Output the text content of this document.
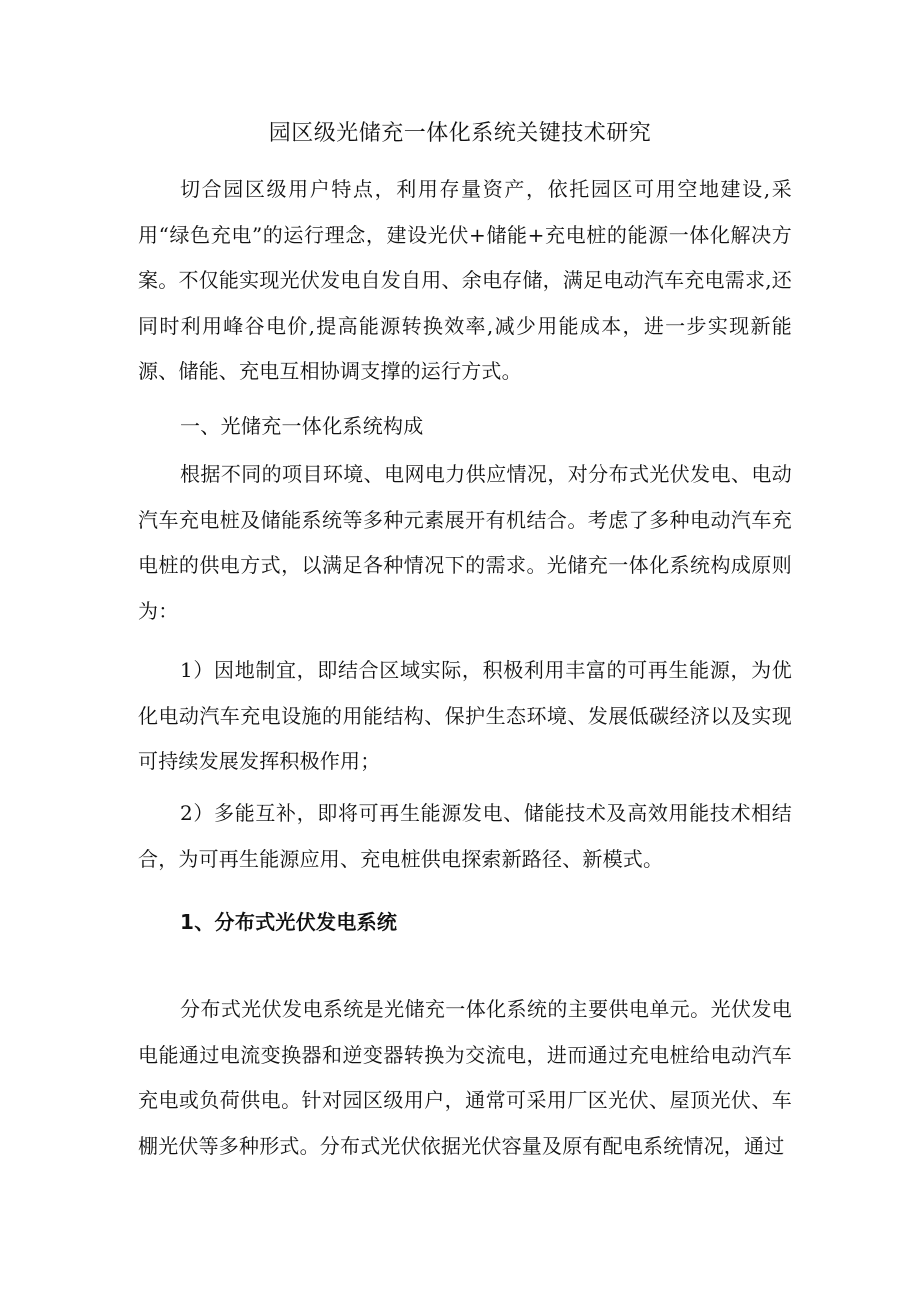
园区级光储充一体化系统关键技术研究

切合园区级用户特点，利用存量资产，依托园区可用空地建设,采用“绿色充电”的运行理念，建设光伏+储能+充电桩的能源一体化解决方案。不仅能实现光伏发电自发自用、余电存储，满足电动汽车充电需求,还同时利用峰谷电价,提高能源转换效率,减少用能成本，进一步实现新能源、储能、充电互相协调支撑的运行方式。

一、光储充一体化系统构成

根据不同的项目环境、电网电力供应情况，对分布式光伏发电、电动汽车充电桩及储能系统等多种元素展开有机结合。考虑了多种电动汽车充电桩的供电方式，以满足各种情况下的需求。光储充一体化系统构成原则为：

1）因地制宜，即结合区域实际，积极利用丰富的可再生能源，为优化电动汽车充电设施的用能结构、保护生态环境、发展低碳经济以及实现可持续发展发挥积极作用；

2）多能互补，即将可再生能源发电、储能技术及高效用能技术相结合，为可再生能源应用、充电桩供电探索新路径、新模式。

1、分布式光伏发电系统

分布式光伏发电系统是光储充一体化系统的主要供电单元。光伏发电电能通过电流变换器和逆变器转换为交流电，进而通过充电桩给电动汽车充电或负荷供电。针对园区级用户，通常可采用厂区光伏、屋顶光伏、车棚光伏等多种形式。分布式光伏依据光伏容量及原有配电系统情况，通过
